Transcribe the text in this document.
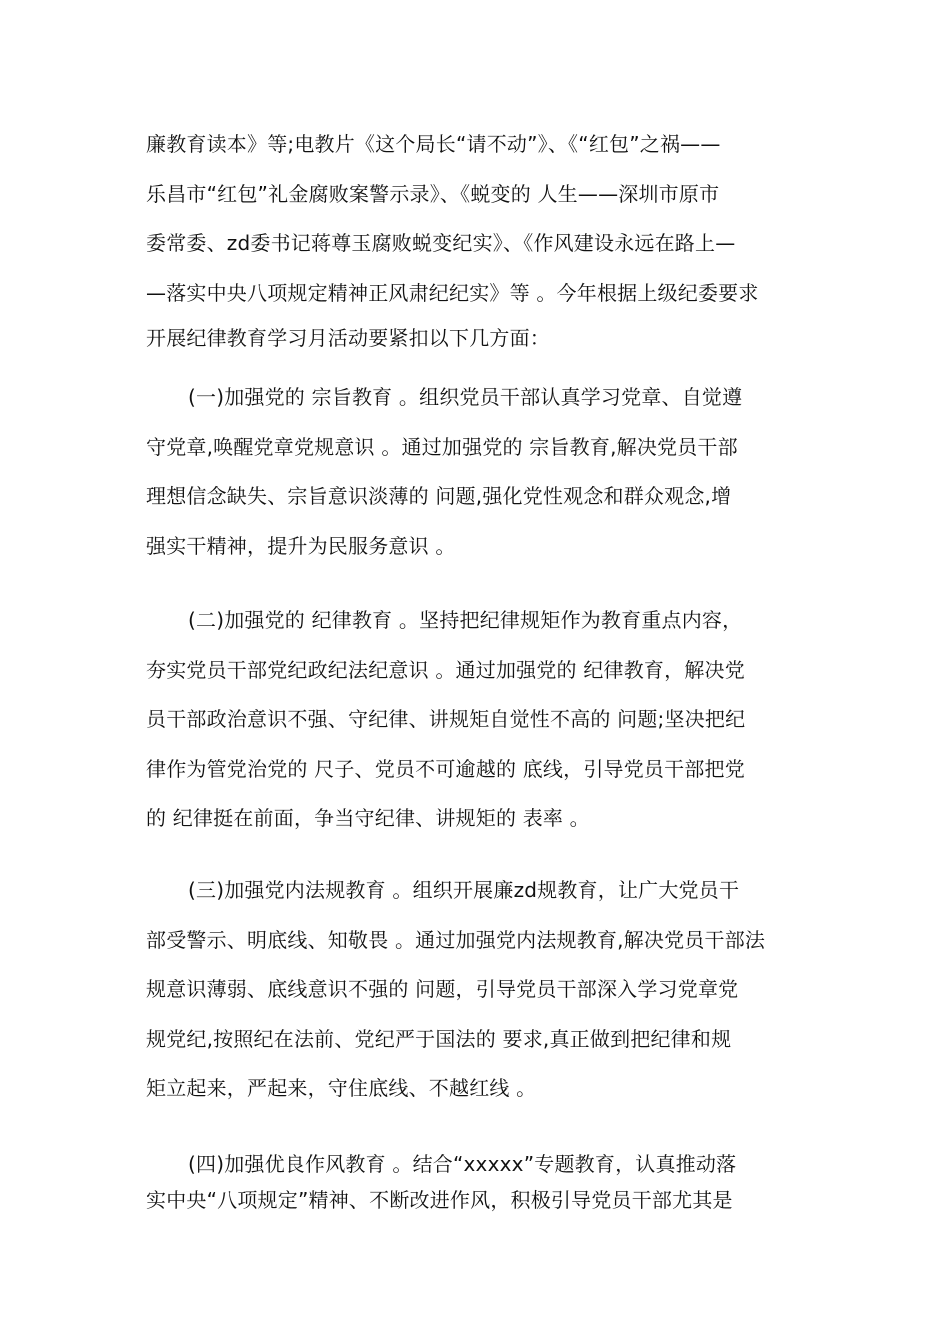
廉教育读本》等;电教片《这个局长“请不动”》、《“红包”之祸——
乐昌市“红包”礼金腐败案警示录》、《蜕变的 人生——深圳市原市
委常委、zd委书记蒋尊玉腐败蜕变纪实》、《作风建设永远在路上—
—落实中央八项规定精神正风肃纪纪实》等 。今年根据上级纪委要求
开展纪律教育学习月活动要紧扣以下几方面：
(一)加强党的 宗旨教育 。组织党员干部认真学习党章、自觉遵
守党章,唤醒党章党规意识 。通过加强党的 宗旨教育,解决党员干部
理想信念缺失、宗旨意识淡薄的 问题,强化党性观念和群众观念,增
强实干精神，提升为民服务意识 。
(二)加强党的 纪律教育 。坚持把纪律规矩作为教育重点内容，
夯实党员干部党纪政纪法纪意识 。通过加强党的 纪律教育，解决党
员干部政治意识不强、守纪律、讲规矩自觉性不高的 问题;坚决把纪
律作为管党治党的 尺子、党员不可逾越的 底线，引导党员干部把党
的 纪律挺在前面，争当守纪律、讲规矩的 表率 。
(三)加强党内法规教育 。组织开展廉zd规教育，让广大党员干
部受警示、明底线、知敬畏 。通过加强党内法规教育,解决党员干部法
规意识薄弱、底线意识不强的 问题，引导党员干部深入学习党章党
规党纪,按照纪在法前、党纪严于国法的 要求,真正做到把纪律和规
矩立起来，严起来，守住底线、不越红线 。
(四)加强优良作风教育 。结合“xxxxx”专题教育，认真推动落
实中央“八项规定”精神、不断改进作风，积极引导党员干部尤其是
